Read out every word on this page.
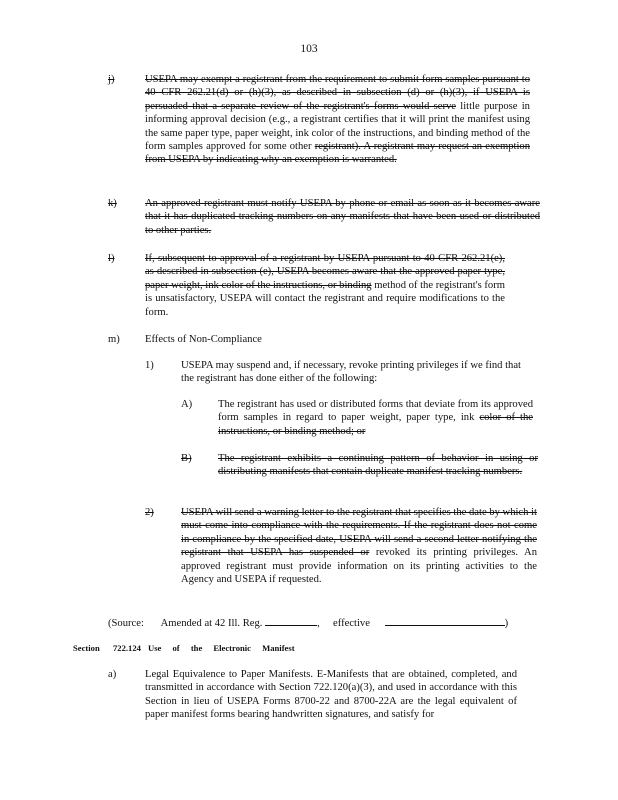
103
j)	USEPA may exempt a registrant from the requirement to submit form samples pursuant to 40 CFR 262.21(d) or (h)(3), as described in subsection (d) or (h)(3), if USEPA is persuaded that a separate review of the registrant's forms would serve little purpose in informing approval decision (e.g., a registrant certifies that it will print the manifest using the same paper type, paper weight, ink color of the instructions, and binding method of the form samples approved for some other registrant). A registrant may request an exemption from USEPA by indicating why an exemption is warranted.
k)	An approved registrant must notify USEPA by phone or email as soon as it becomes aware that it has duplicated tracking numbers on any manifests that have been used or distributed to other parties.
l)	If, subsequent to approval of a registrant by USEPA pursuant to 40 CFR 262.21(e), as described in subsection (e), USEPA becomes aware that the approved paper type, paper weight, ink color of the instructions, or binding method of the registrant's form is unsatisfactory, USEPA will contact the registrant and require modifications to the form.
m) Effects of Non-Compliance
1)	USEPA may suspend and, if necessary, revoke printing privileges if we find that the registrant has done either of the following:
A) The registrant has used or distributed forms that deviate from its approved form samples in regard to paper weight, paper type, ink color of the instructions, or binding method; or
B) The registrant exhibits a continuing pattern of behavior in using or distributing manifests that contain duplicate manifest tracking numbers.
2)	USEPA will send a warning letter to the registrant that specifies the date by which it must come into compliance with the requirements. If the registrant does not come in compliance by the specified date, USEPA will send a second letter notifying the registrant that USEPA has suspended or revoked its printing privileges. An approved registrant must provide information on its printing activities to the Agency and USEPA if requested.
(Source: Amended at 42 Ill. Reg.	, effective	)
Section 722.124 Use of the Electronic Manifest
a)	Legal Equivalence to Paper Manifests. E-Manifests that are obtained, completed, and transmitted in accordance with Section 722.120(a)(3), and used in accordance with this Section in lieu of USEPA Forms 8700-22 and 8700-22A are the legal equivalent of paper manifest forms bearing handwritten signatures, and satisfy for
